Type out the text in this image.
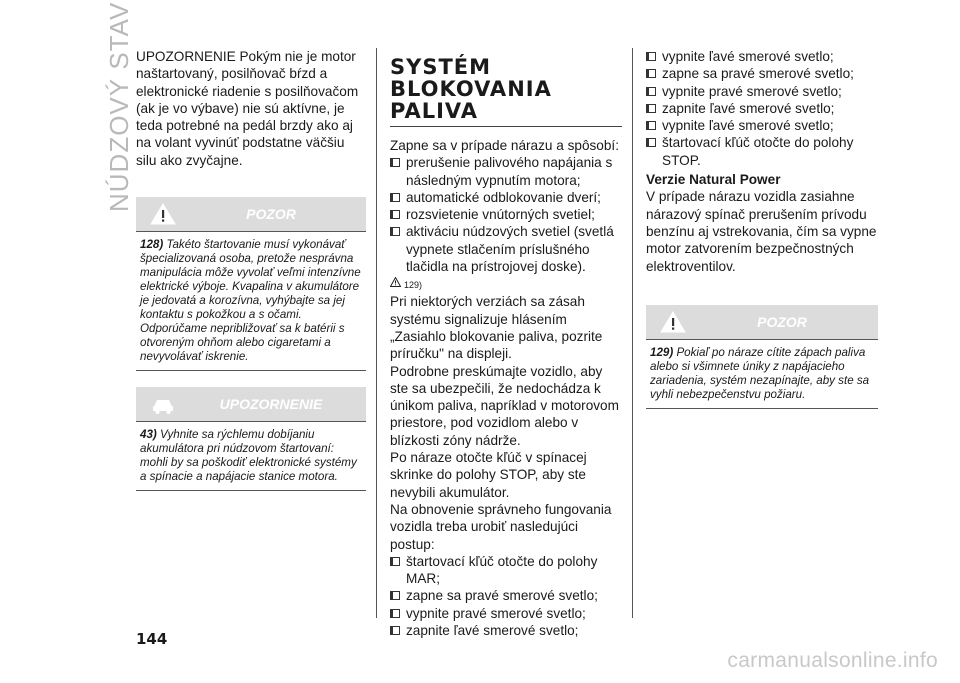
NÚDZOVÝ STAV UPOZORNENIE Pokým nie je motor naštartovaný, posilňovač bŕzd a elektronické riadenie s posilňovačom (ak je vo výbave) nie sú aktívne, je teda potrebné na pedál brzdy ako aj na volant vyvinúť podstatne väčšiu silu ako zvyčajne.

POZOR
128) Takéto štartovanie musí vykonávať špecializovaná osoba, pretože nesprávna manipulácia môže vyvolať veľmi intenzívne elektrické výboje. Kvapalina v akumulátore je jedovatá a korozívna, vyhýbajte sa jej kontaktu s pokožkou a s očami. Odporúčame nepribližovať sa k batérii s otvoreným ohňom alebo cigaretami a nevyvolávať iskrenie.
UPOZORNENIE
43) Vyhnite sa rýchlemu dobíjaniu akumulátora pri núdzovom štartovaní: mohli by sa poškodiť elektronické systémy a spínacie a napájacie stanice motora.
SYSTÉM
BLOKOVANIA
PALIVA

Zapne sa v prípade nárazu a spôsobí:

prerušenie palivového napájania s následným vypnutím motora;
automatické odblokovanie dverí;
rozsvietenie vnútorných svetiel;
aktiváciu núdzových svetiel (svetlá vypnete stlačením príslušného tlačidla na prístrojovej doske).
129)

Pri niektorých verziách sa zásah systému signalizuje hlásením „Zasiahlo blokovanie paliva, pozrite príručku" na displeji.

Podrobne preskúmajte vozidlo, aby ste sa ubezpečili, že nedochádza k únikom paliva, napríklad v motorovom priestore, pod vozidlom alebo v blízkosti zóny nádrže.

Po náraze otočte kľúč v spínacej skrinke do polohy STOP, aby ste nevybili akumulátor.

Na obnovenie správneho fungovania vozidla treba urobiť nasledujúci postup:

štartovací kľúč otočte do polohy MAR;
zapne sa pravé smerové svetlo;
vypnite pravé smerové svetlo;
zapnite ľavé smerové svetlo;
vypnite ľavé smerové svetlo;
zapne sa pravé smerové svetlo;
vypnite pravé smerové svetlo;
zapnite ľavé smerové svetlo;
vypnite ľavé smerové svetlo;
štartovací kľúč otočte do polohy STOP.

Verzie Natural Power

V prípade nárazu vozidla zasiahne nárazový spínač prerušením prívodu benzínu aj vstrekovania, čím sa vypne motor zatvorením bezpečnostných elektroventilov.

POZOR
129) Pokiaľ po náraze cítite zápach paliva alebo si všimnete úniky z napájacieho zariadenia, systém nezapínajte, aby ste sa vyhli nebezpečenstvu požiaru.
144
carmanualsonline.info
